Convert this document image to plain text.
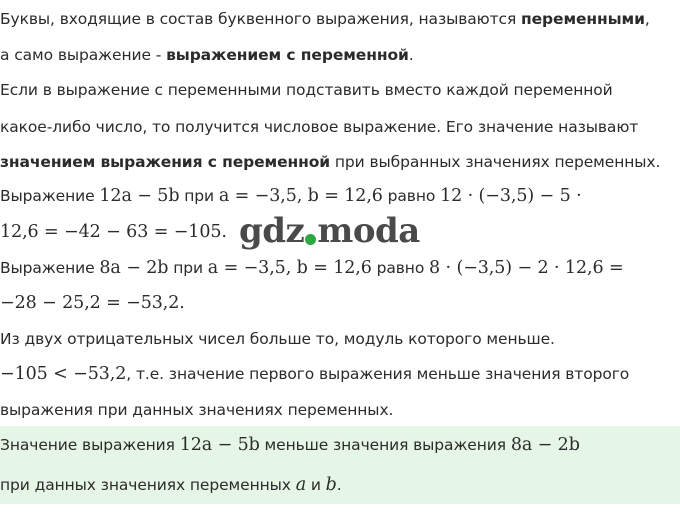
Буквы, входящие в состав буквенного выражения, называются переменными,
а само выражение - выражением с переменной.
Если в выражение с переменными подставить вместо каждой переменной
какое-либо число, то получится числовое выражение. Его значение называют
значением выражения с переменной при выбранных значениях переменных.
Выражение 12a − 5b при a = −3,5, b = 12,6 равно 12 · (−3,5) − 5 ·
12,6 = −42 − 63 = −105.
Выражение 8a − 2b при a = −3,5, b = 12,6 равно 8 · (−3,5) − 2 · 12,6 =
−28 − 25,2 = −53,2.
Из двух отрицательных чисел больше то, модуль которого меньше.
−105 < −53,2, т.е. значение первого выражения меньше значения второго
выражения при данных значениях переменных.
Значение выражения 12a − 5b меньше значения выражения 8a − 2b
при данных значениях переменных a и b.
gdz moda
